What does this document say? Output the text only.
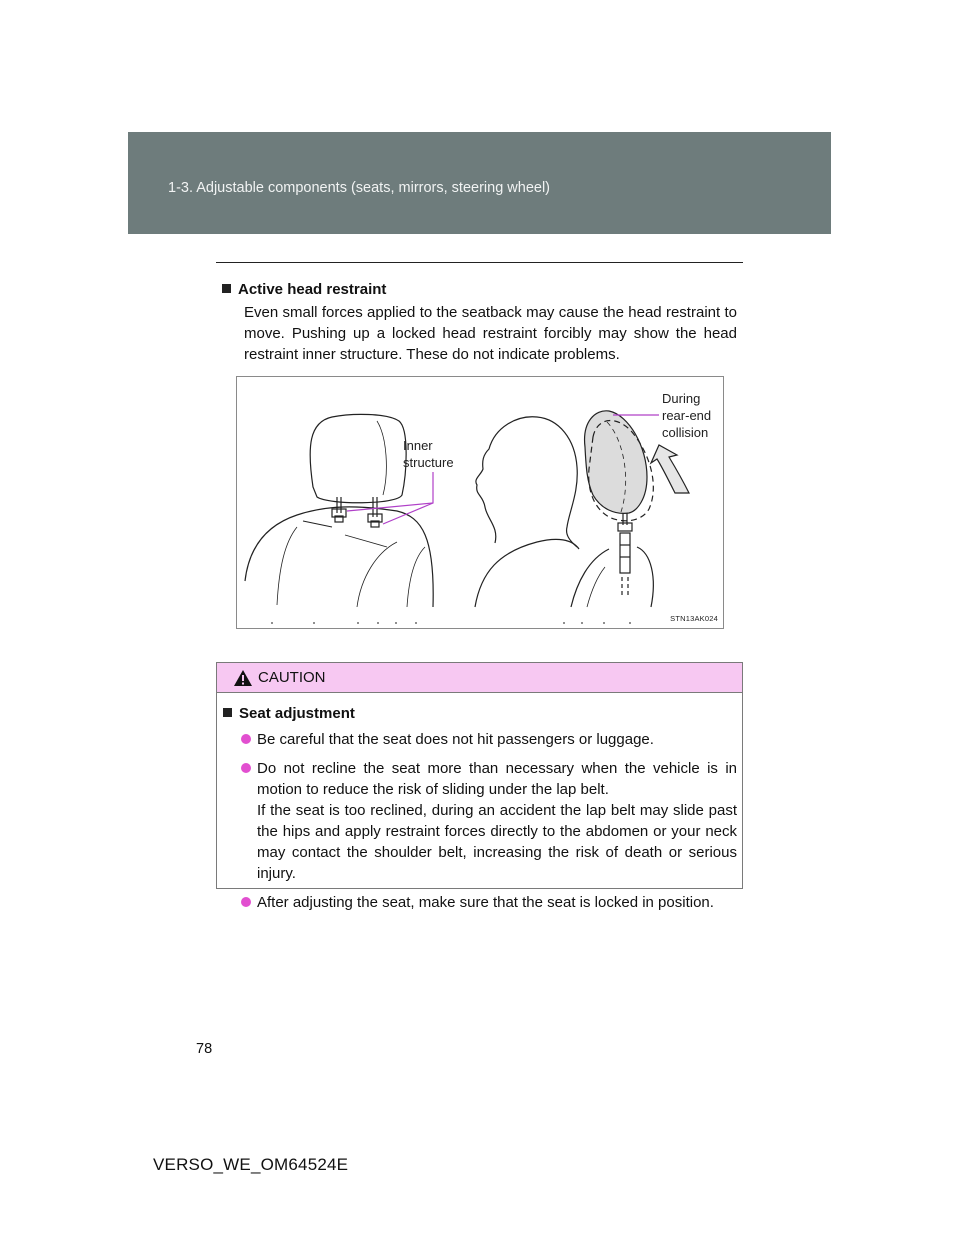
1-3. Adjustable components (seats, mirrors, steering wheel)
Active head restraint

Even small forces applied to the seatback may cause the head restraint to move. Pushing up a locked head restraint forcibly may show the head restraint inner structure. These do not indicate problems.

Inner
structure
During
rear-end
collision
STN13AK024
CAUTION
Seat adjustment
Be careful that the seat does not hit passengers or luggage.
Do not recline the seat more than necessary when the vehicle is in motion to reduce the risk of sliding under the lap belt.
If the seat is too reclined, during an accident the lap belt may slide past the hips and apply restraint forces directly to the abdomen or your neck may contact the shoulder belt, increasing the risk of death or serious injury.
After adjusting the seat, make sure that the seat is locked in position.
78
VERSO_WE_OM64524E
